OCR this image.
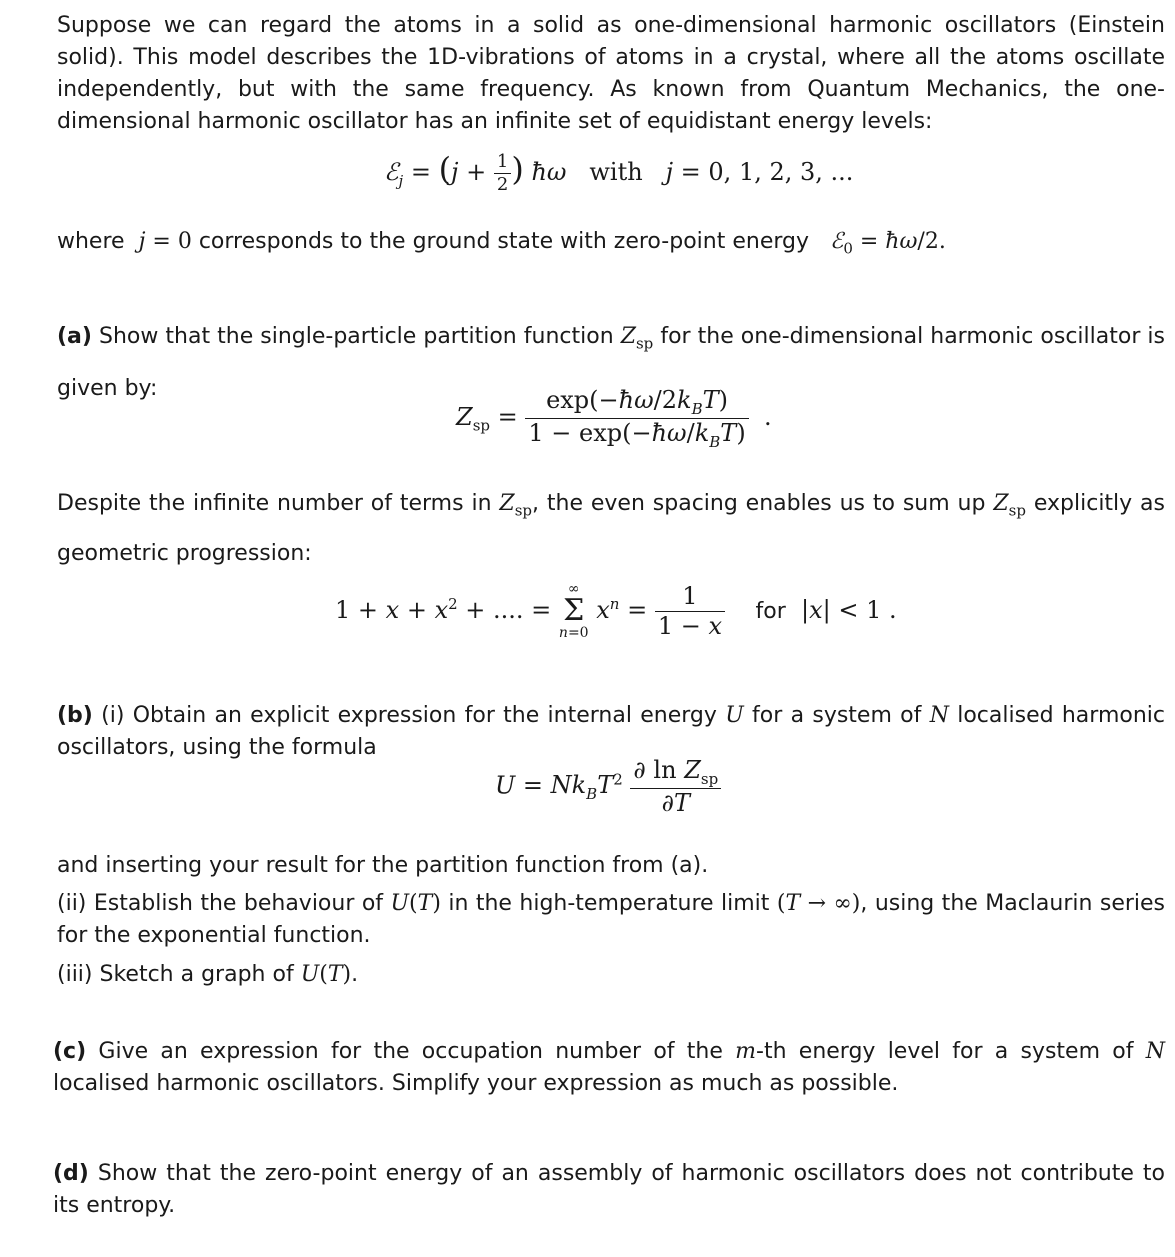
Suppose we can regard the atoms in a solid as one-dimensional harmonic oscillators (Einstein solid). This model describes the 1D-vibrations of atoms in a crystal, where all the atoms oscillate independently, but with the same frequency. As known from Quantum Mechanics, the one-dimensional harmonic oscillator has an infinite set of equidistant energy levels:
ℰ$_j$ = ($j + \frac{1}{2}$ ) ħω with j = 0, 1, 2, 3, ...
where  j = 0 corresponds to the ground state with zero-point energy ℰ$_0$ = ħω/2.
(a) Show that the single-particle partition function $Z_{sp}$ for the one-dimensional harmonic oscillator is given by:
$Z_{sp} = \frac{\exp(-ħ\omega/2k_BT)}{1 - \exp(-ħ\omega/k_BT)}$ .
Despite the infinite number of terms in $Z_{sp}$, the even spacing enables us to sum up $Z_{sp}$ explicitly as geometric progression:
$1 + x + x^2$ + .... =
∞
Σ
n=0
$x^n = \frac{1}{1 - x}$ for  |x| < 1 .
(b) (i) Obtain an explicit expression for the internal energy U for a system of N localised harmonic oscillators, using the formula
$U = Nk_BT^2 \frac{\partial \ln Z_{sp}}{\partial T}$
and inserting your result for the partition function from (a).
(ii) Establish the behaviour of U(T) in the high-temperature limit (T → ∞), using the Maclaurin series for the exponential function.
(iii) Sketch a graph of U(T).
(c) Give an expression for the occupation number of the m-th energy level for a system of N localised harmonic oscillators. Simplify your expression as much as possible.
(d) Show that the zero-point energy of an assembly of harmonic oscillators does not contribute to its entropy.
